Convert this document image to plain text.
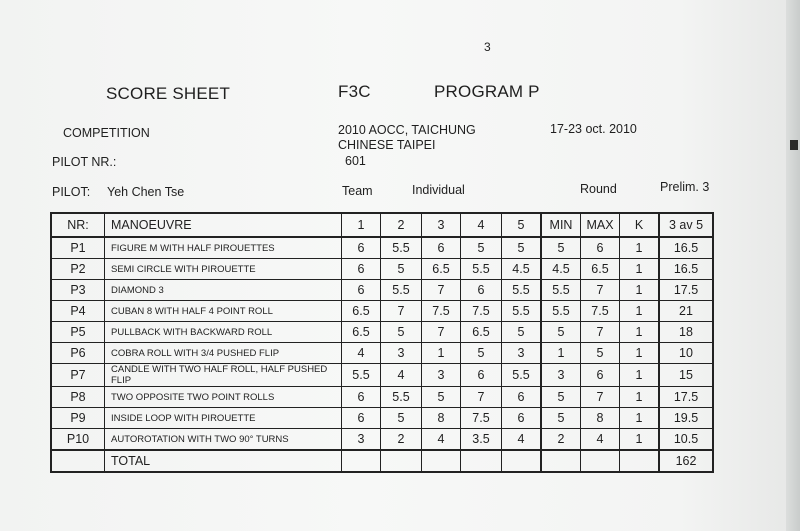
3
SCORE SHEET	F3C	PROGRAM P
COMPETITION	2010 AOCC, TAICHUNG
CHINESE TAIPEI
17-23 oct. 2010
PILOT NR.:	601
PILOT: Yeh Chen Tse	Team	Individual	Round	Prelim. 3
NR:	MANOEUVRE	1	2	3	4	5	MIN	MAX	K	3 av 5
P1	FIGURE M WITH HALF PIROUETTES	6	5.5	6	5	5	5	6	1	16.5
P2	SEMI CIRCLE WITH PIROUETTE	6	5	6.5	5.5	4.5	4.5	6.5	1	16.5
P3	DIAMOND 3	6	5.5	7	6	5.5	5.5	7	1	17.5
P4	CUBAN 8 WITH HALF 4 POINT ROLL	6.5	7	7.5	7.5	5.5	5.5	7.5	1	21
P5	PULLBACK WITH BACKWARD ROLL	6.5	5	7	6.5	5	5	7	1	18
P6	COBRA ROLL WITH 3/4 PUSHED FLIP	4	3	1	5	3	1	5	1	10
P7	CANDLE WITH TWO HALF ROLL, HALF PUSHED FLIP	5.5	4	3	6	5.5	3	6	1	15
P8	TWO OPPOSITE TWO POINT ROLLS	6	5.5	5	7	6	5	7	1	17.5
P9	INSIDE LOOP WITH PIROUETTE	6	5	8	7.5	6	5	8	1	19.5
P10	AUTOROTATION WITH TWO 90° TURNS	3	2	4	3.5	4	2	4	1	10.5
	TOTAL									162
